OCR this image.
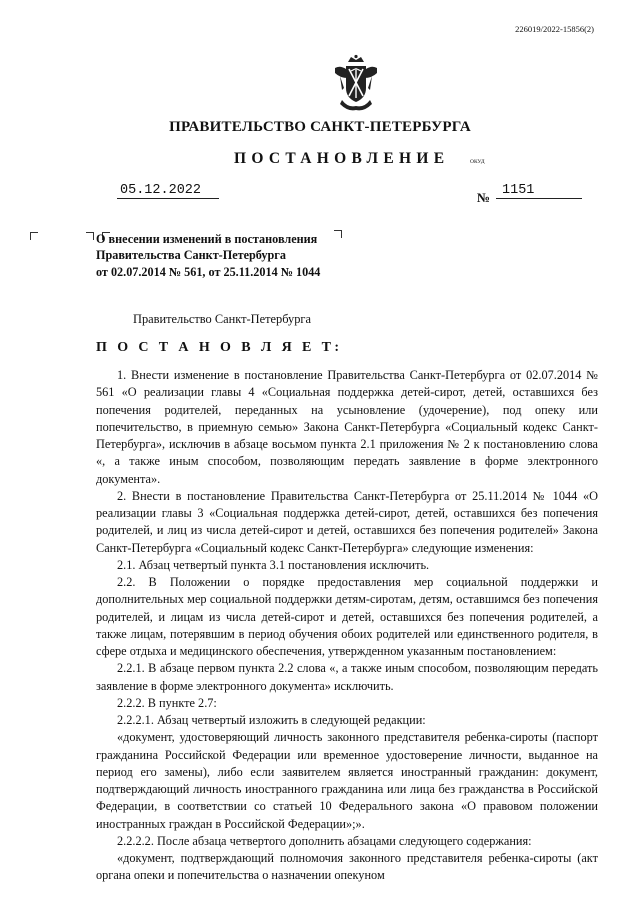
226019/2022-15856(2)
ПРАВИТЕЛЬСТВО САНКТ-ПЕТЕРБУРГА
ПОСТАНОВЛЕНИЕ	ОКУД
05.12.2022	№ 1151
О внесении изменений в постановления
Правительства Санкт-Петербурга
от 02.07.2014 № 561, от 25.11.2014 № 1044
Правительство Санкт-Петербурга
П О С Т А Н О В Л Я Е Т:

1. Внести изменение в постановление Правительства Санкт-Петербурга от 02.07.2014 № 561 «О реализации главы 4 «Социальная поддержка детей-сирот, детей, оставшихся без попечения родителей, переданных на усыновление (удочерение), под опеку или попечительство, в приемную семью» Закона Санкт-Петербурга «Социальный кодекс Санкт-Петербурга», исключив в абзаце восьмом пункта 2.1 приложения № 2 к постановлению слова «, а также иным способом, позволяющим передать заявление в форме электронного документа».

2. Внести в постановление Правительства Санкт-Петербурга от 25.11.2014 № 1044 «О реализации главы 3 «Социальная поддержка детей-сирот, детей, оставшихся без попечения родителей, и лиц из числа детей-сирот и детей, оставшихся без попечения родителей» Закона Санкт-Петербурга «Социальный кодекс Санкт-Петербурга» следующие изменения:

2.1. Абзац четвертый пункта 3.1 постановления исключить.

2.2. В Положении о порядке предоставления мер социальной поддержки и дополнительных мер социальной поддержки детям-сиротам, детям, оставшимся без попечения родителей, и лицам из числа детей-сирот и детей, оставшихся без попечения родителей, а также лицам, потерявшим в период обучения обоих родителей или единственного родителя, в сфере отдыха и медицинского обеспечения, утвержденном указанным постановлением:

2.2.1. В абзаце первом пункта 2.2 слова «, а также иным способом, позволяющим передать заявление в форме электронного документа» исключить.

2.2.2. В пункте 2.7:

2.2.2.1. Абзац четвертый изложить в следующей редакции:

«документ, удостоверяющий личность законного представителя ребенка-сироты (паспорт гражданина Российской Федерации или временное удостоверение личности, выданное на период его замены), либо если заявителем является иностранный гражданин: документ, подтверждающий личность иностранного гражданина или лица без гражданства в Российской Федерации, в соответствии со статьей 10 Федерального закона «О правовом положении иностранных граждан в Российской Федерации»;».

2.2.2.2. После абзаца четвертого дополнить абзацами следующего содержания:

«документ, подтверждающий полномочия законного представителя ребенка-сироты (акт органа опеки и попечительства о назначении опекуном
